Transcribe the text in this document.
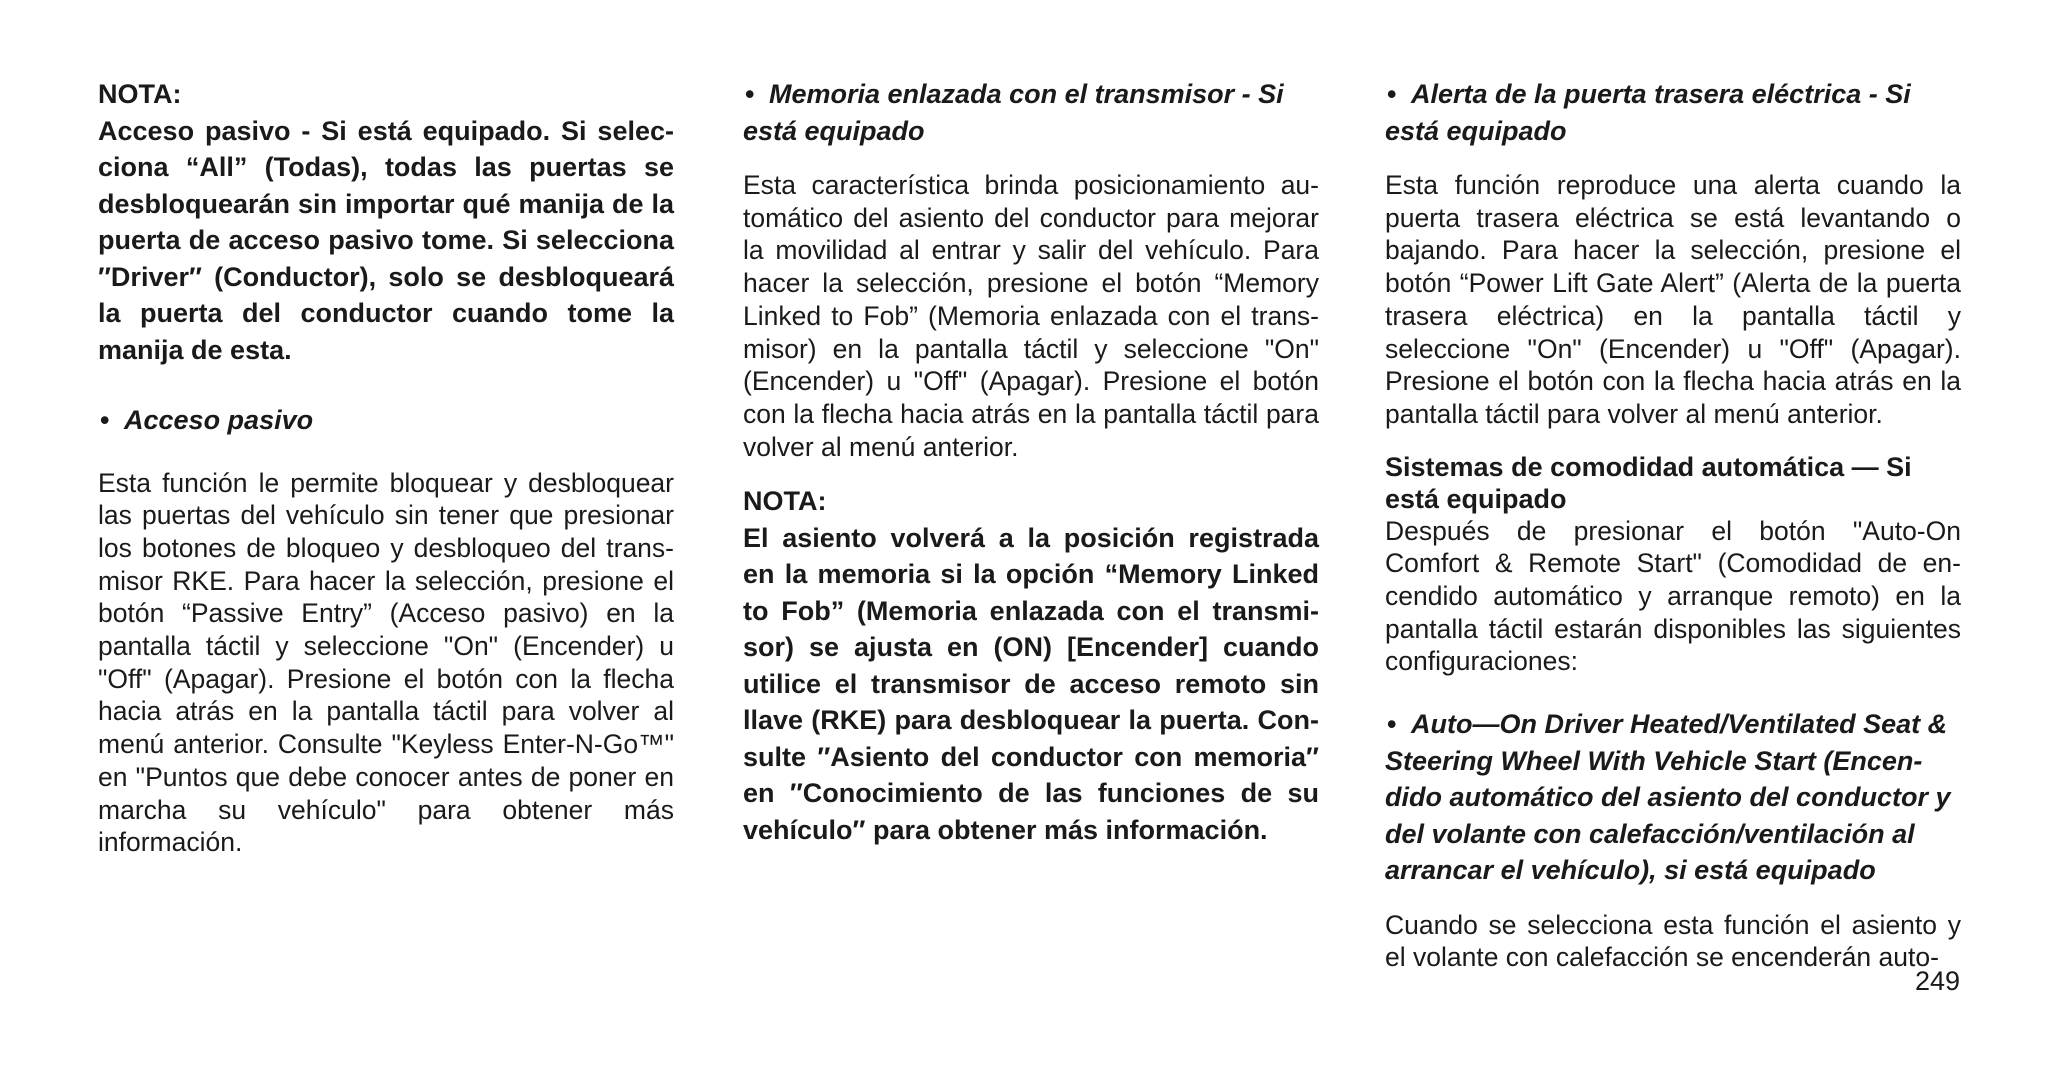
NOTA:

Acceso pasivo - Si está equipado. Si selecciona “All” (Todas), todas las puertas se desbloquearán sin importar qué manija de la puerta de acceso pasivo tome. Si selecciona ″Driver″ (Conductor), solo se desbloqueará la puerta del conductor cuando tome la manija de esta.

• Acceso pasivo

Esta función le permite bloquear y desbloquear las puertas del vehículo sin tener que presionar los botones de bloqueo y desbloqueo del transmisor RKE. Para hacer la selección, presione el botón “Passive Entry” (Acceso pasivo) en la pantalla táctil y seleccione "On" (Encender) u "Off" (Apagar). Presione el botón con la flecha hacia atrás en la pantalla táctil para volver al menú anterior. Consulte "Keyless Enter-N-Go™" en "Puntos que debe conocer antes de poner en marcha su vehículo" para obtener más información.

• Memoria enlazada con el transmisor - Si está equipado

Esta característica brinda posicionamiento automático del asiento del conductor para mejorar la movilidad al entrar y salir del vehículo. Para hacer la selección, presione el botón “Memory Linked to Fob” (Memoria enlazada con el transmisor) en la pantalla táctil y seleccione "On" (Encender) u "Off" (Apagar). Presione el botón con la flecha hacia atrás en la pantalla táctil para volver al menú anterior.

NOTA:

El asiento volverá a la posición registrada en la memoria si la opción “Memory Linked to Fob” (Memoria enlazada con el transmisor) se ajusta en (ON) [Encender] cuando utilice el transmisor de acceso remoto sin llave (RKE) para desbloquear la puerta. Consulte ″Asiento del conductor con memoria″ en ″Conocimiento de las funciones de su vehículo″ para obtener más información.

• Alerta de la puerta trasera eléctrica - Si está equipado

Esta función reproduce una alerta cuando la puerta trasera eléctrica se está levantando o bajando. Para hacer la selección, presione el botón “Power Lift Gate Alert” (Alerta de la puerta trasera eléctrica) en la pantalla táctil y seleccione "On" (Encender) u "Off" (Apagar). Presione el botón con la flecha hacia atrás en la pantalla táctil para volver al menú anterior.

Sistemas de comodidad automática — Si está equipado

Después de presionar el botón "Auto-On Comfort & Remote Start" (Comodidad de encendido automático y arranque remoto) en la pantalla táctil estarán disponibles las siguientes configuraciones:

• Auto—On Driver Heated/Ventilated Seat & Steering Wheel With Vehicle Start (Encendido automático del asiento del conductor y del volante con calefacción/ventilación al arrancar el vehículo), si está equipado

Cuando se selecciona esta función el asiento y el volante con calefacción se encenderán auto-

249
